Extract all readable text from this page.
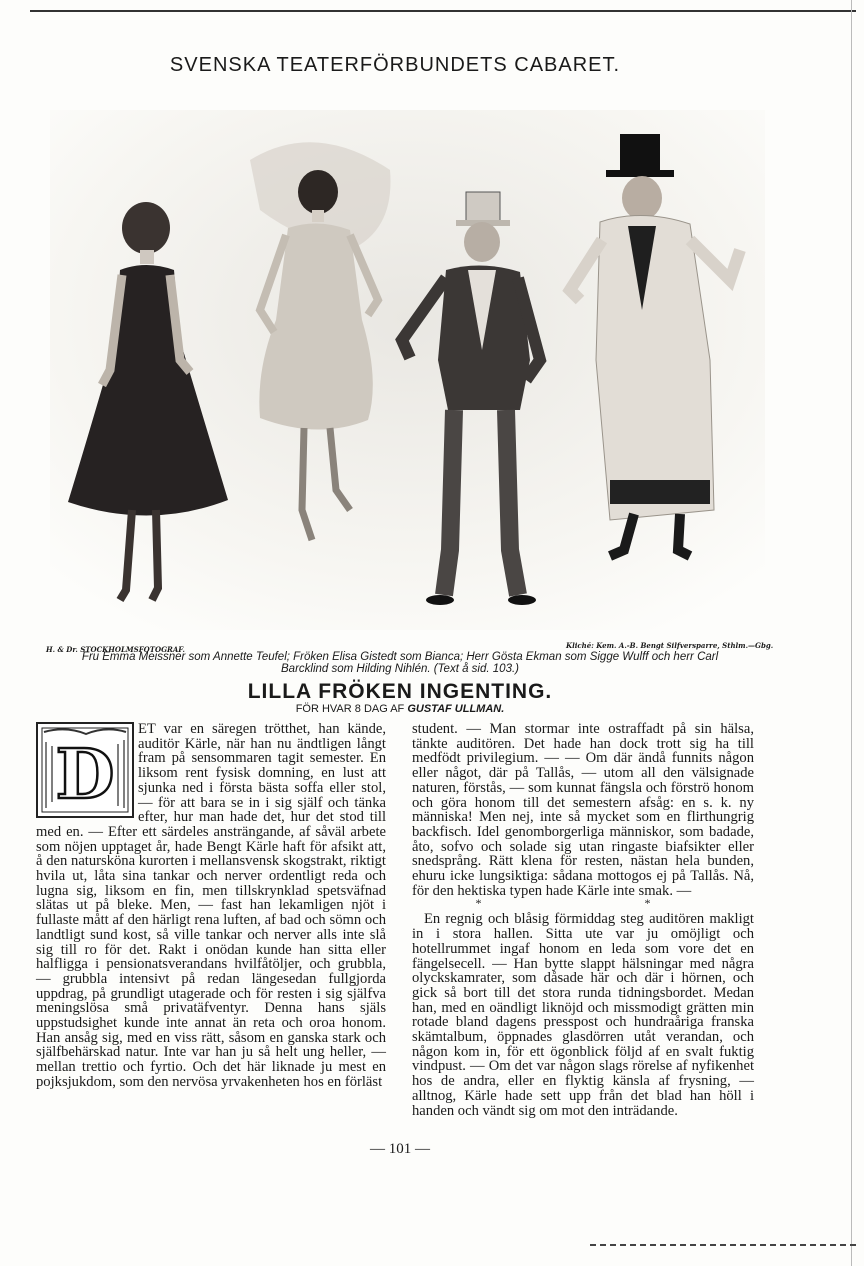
SVENSKA TEATERFÖRBUNDETS CABARET.
H. & Dr. STOCKHOLMSFOTOGRAF.	Kliché: Kem. A.-B. Bengt Silfversparre, Sthlm.—Gbg.
Fru Emma Meissner som Annette Teufel; Fröken Elisa Gistedt som Bianca; Herr Gösta Ekman som Sigge Wulff och herr Carl
Barcklind som Hilding Nihlén. (Text å sid. 103.)
LILLA FRÖKEN INGENTING.
FÖR HVAR 8 DAG AF GUSTAF ULLMAN.
D

ET var en säregen trötthet, han kände, auditör Kärle, när han nu ändtligen långt fram på sensommaren tagit semester. En liksom rent fysisk domning, en lust att sjunka ned i första bästa soffa eller stol, — för att bara se in i sig själf och tänka efter, hur man hade det, hur det stod till med en. — Efter ett särdeles ansträngande, af såväl arbete som nöjen upptaget år, hade Bengt Kärle haft för afsikt att, å den natursköna kurorten i mellansvensk skogstrakt, riktigt hvila ut, låta sina tankar och nerver ordentligt reda och lugna sig, liksom en fin, men tillskrynklad spetsväfnad slätas ut på bleke. Men, — fast han lekamligen njöt i fullaste mått af den härligt rena luften, af bad och sömn och landtligt sund kost, så ville tankar och nerver alls inte slå sig till ro för det. Rakt i onödan kunde han sitta eller halfligga i pensionatsverandans hvilfåtöljer, och grubbla, — grubbla intensivt på redan längesedan fullgjorda uppdrag, på grundligt utagerade och för resten i sig själfva meningslösa små privatäfventyr. Denna hans själs uppstudsighet kunde inte annat än reta och oroa honom. Han ansåg sig, med en viss rätt, såsom en ganska stark och själfbehärskad natur. Inte var han ju så helt ung heller, — mellan trettio och fyrtio. Och det här liknade ju mest en pojksjukdom, som den nervösa yrvakenheten hos en förläst

student. — Man stormar inte ostraffadt på sin hälsa, tänkte auditören. Det hade han dock trott sig ha till medfödt privilegium. — — Om där ändå funnits någon eller något, där på Tallås, — utom all den välsignade naturen, förstås, — som kunnat fängsla och förströ honom och göra honom till det semestern afsåg: en s. k. ny människa! Men nej, inte så mycket som en flirthungrig backfisch. Idel genomborgerliga människor, som badade, åto, sofvo och solade sig utan ringaste biafsikter eller snedsprång. Rätt klena för resten, nästan hela bunden, ehuru icke lungsiktiga: sådana mottogos ej på Tallås. Nå, för den hektiska typen hade Kärle inte smak. —

* *

En regnig och blåsig förmiddag steg auditören makligt in i stora hallen. Sitta ute var ju omöjligt och hotellrummet ingaf honom en leda som vore det en fängelsecell. — Han bytte slappt hälsningar med några olyckskamrater, som dåsade här och där i hörnen, och gick så bort till det stora runda tidningsbordet. Medan han, med en oändligt liknöjd och missmodigt grätten min rotade bland dagens presspost och hundraåriga franska skämtalbum, öppnades glasdörren utåt verandan, och någon kom in, för ett ögonblick följd af en svalt fuktig vindpust. — Om det var någon slags rörelse af nyfikenhet hos de andra, eller en flyktig känsla af frysning, — alltnog, Kärle hade sett upp från det blad han höll i handen och vändt sig om mot den inträdande.

— 101 —
